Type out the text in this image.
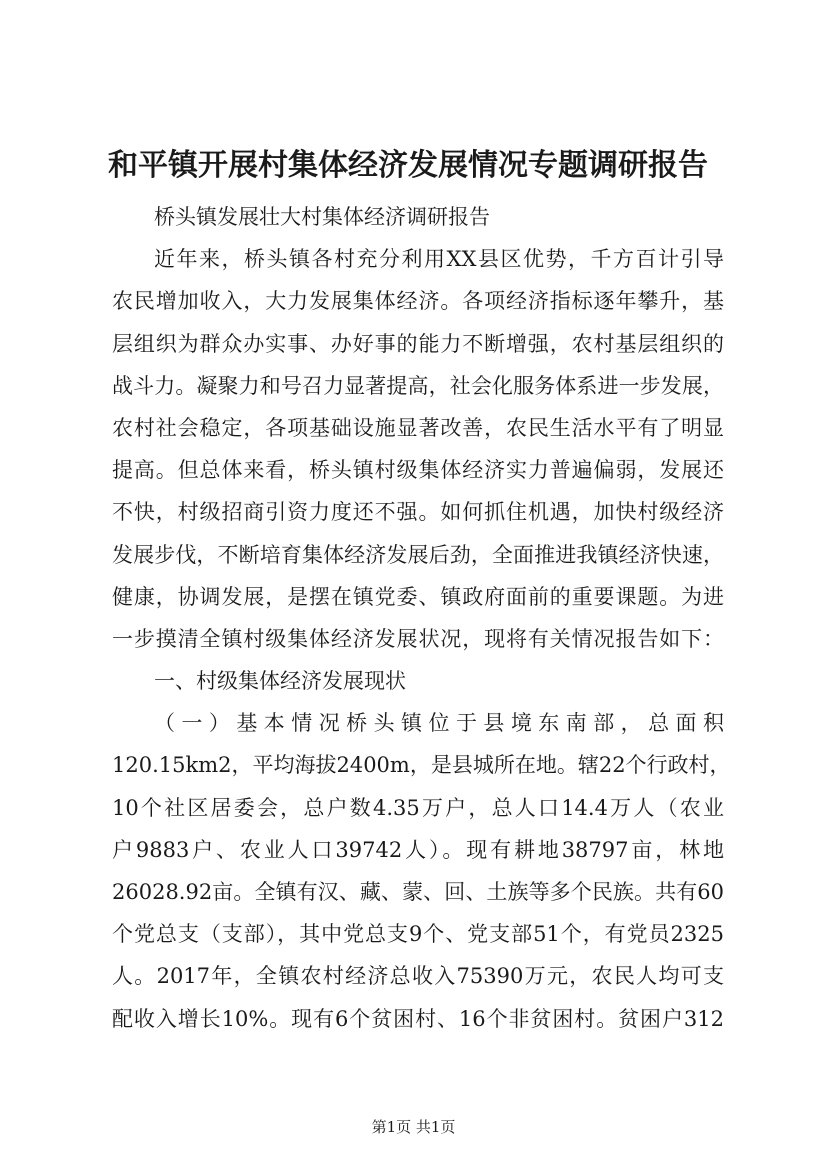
和平镇开展村集体经济发展情况专题调研报告
桥头镇发展壮大村集体经济调研报告
近年来，桥头镇各村充分利用XX县区优势，千方百计引导
农民增加收入，大力发展集体经济。各项经济指标逐年攀升，基
层组织为群众办实事、办好事的能力不断增强，农村基层组织的
战斗力。凝聚力和号召力显著提高，社会化服务体系进一步发展，
农村社会稳定，各项基础设施显著改善，农民生活水平有了明显
提高。但总体来看，桥头镇村级集体经济实力普遍偏弱，发展还
不快，村级招商引资力度还不强。如何抓住机遇，加快村级经济
发展步伐，不断培育集体经济发展后劲，全面推进我镇经济快速，
健康，协调发展，是摆在镇党委、镇政府面前的重要课题。为进
一步摸清全镇村级集体经济发展状况，现将有关情况报告如下：
一、村级集体经济发展现状
（一）基本情况桥头镇位于县境东南部，总面积
120.15km2，平均海拔2400m，是县城所在地。辖22个行政村，
10个社区居委会，总户数4.35万户，总人口14.4万人（农业
户9883户、农业人口39742人）。现有耕地38797亩，林地
26028.92亩。全镇有汉、藏、蒙、回、土族等多个民族。共有60
个党总支（支部），其中党总支9个、党支部51个，有党员2325
人。2017年，全镇农村经济总收入75390万元，农民人均可支
配收入增长10%。现有6个贫困村、16个非贫困村。贫困户312
第1页 共1页
